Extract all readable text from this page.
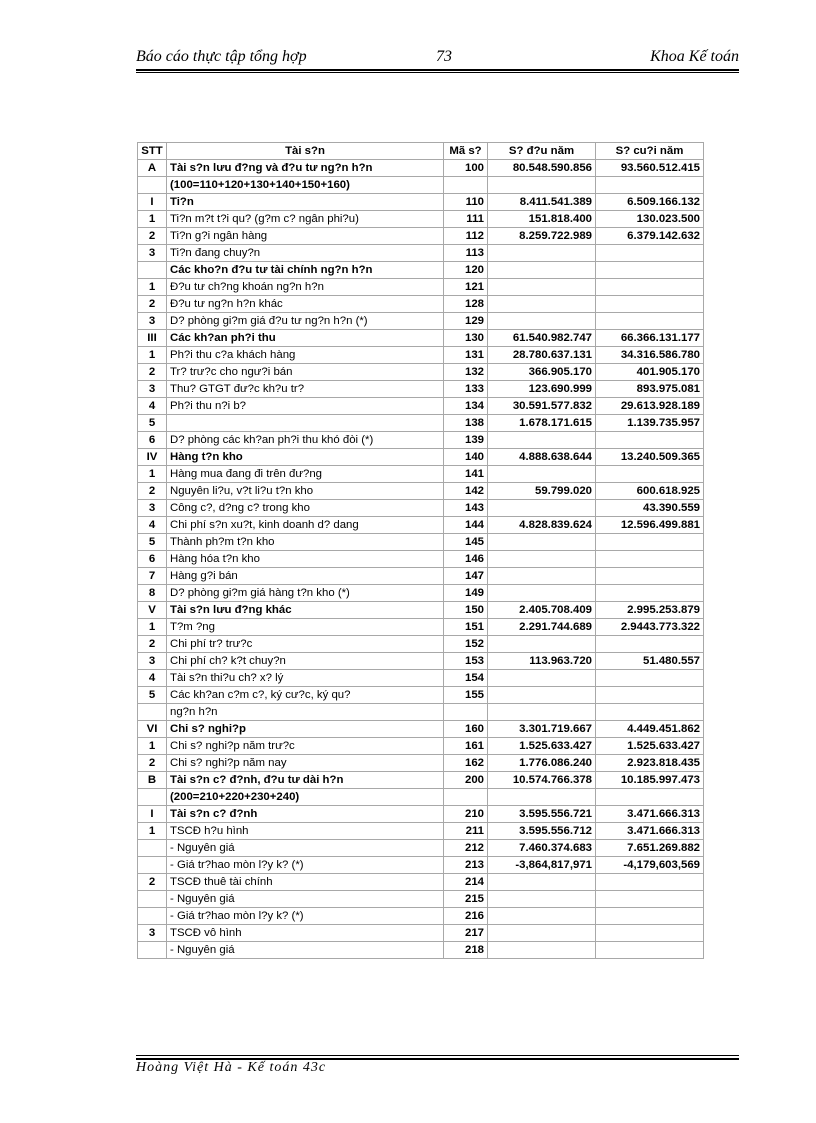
Báo cáo thực tập tổng hợp	73	Khoa Kế toán
STT	Tài s?n	Mã s?	S? đ?u năm	S? cu?i năm
A	Tài s?n lưu đ?ng và đ?u tư ng?n h?n	100	80.548.590.856	93.560.512.415
	(100=110+120+130+140+150+160)			
I	Ti?n	110	8.411.541.389	6.509.166.132
1	Ti?n m?t t?i qu? (g?m c? ngân phi?u)	111	151.818.400	130.023.500
2	Ti?n g?i ngân hàng	112	8.259.722.989	6.379.142.632
3	Ti?n đang chuy?n	113		
	Các kho?n đ?u tư tài chính ng?n h?n	120		
1	Đ?u tư ch?ng khoán ng?n h?n	121		
2	Đ?u tư ng?n h?n khác	128		
3	D? phòng gi?m giá đ?u tư ng?n h?n (*)	129		
III	Các kh?an ph?i thu	130	61.540.982.747	66.366.131.177
1	Ph?i thu c?a khách hàng	131	28.780.637.131	34.316.586.780
2	Tr? trư?c cho ngư?i bán	132	366.905.170	401.905.170
3	Thu? GTGT đư?c kh?u tr?	133	123.690.999	893.975.081
4	Ph?i thu n?i b?	134	30.591.577.832	29.613.928.189
5		138	1.678.171.615	1.139.735.957
6	D? phòng các kh?an ph?i thu khó đòi (*)	139		
IV	Hàng t?n kho	140	4.888.638.644	13.240.509.365
1	Hàng mua đang đi trên đư?ng	141		
2	Nguyên li?u, v?t li?u t?n kho	142	59.799.020	600.618.925
3	Công c?, d?ng c? trong kho	143		43.390.559
4	Chi phí s?n xu?t, kinh doanh d? dang	144	4.828.839.624	12.596.499.881
5	Thành ph?m t?n kho	145		
6	Hàng hóa t?n kho	146		
7	Hàng g?i bán	147		
8	D? phòng gi?m giá hàng t?n kho (*)	149		
V	Tài s?n lưu đ?ng khác	150	2.405.708.409	2.995.253.879
1	T?m ?ng	151	2.291.744.689	2.9443.773.322
2	Chi phí tr? trư?c	152		
3	Chi phí ch? k?t chuy?n	153	113.963.720	51.480.557
4	Tài s?n thi?u ch? x? lý	154		
5	Các kh?an c?m c?, ký cư?c, ký qu?	155		
	ng?n h?n			
VI	Chi s? nghi?p	160	3.301.719.667	4.449.451.862
1	Chi s? nghi?p năm trư?c	161	1.525.633.427	1.525.633.427
2	Chi s? nghi?p năm nay	162	1.776.086.240	2.923.818.435
B	Tài s?n c? đ?nh, đ?u tư dài h?n	200	10.574.766.378	10.185.997.473
	(200=210+220+230+240)			
I	Tài s?n c? đ?nh	210	3.595.556.721	3.471.666.313
1	TSCĐ h?u hình	211	3.595.556.712	3.471.666.313
	- Nguyên giá	212	7.460.374.683	7.651.269.882
	- Giá tr?hao mòn l?y k? (*)	213	-3,864,817,971	-4,179,603,569
2	TSCĐ thuê tài chính	214		
	- Nguyên giá	215		
	- Giá tr?hao mòn l?y k? (*)	216		
3	TSCĐ vô hình	217		
	- Nguyên giá	218		
Hoàng Việt Hà - Kế toán 43c
